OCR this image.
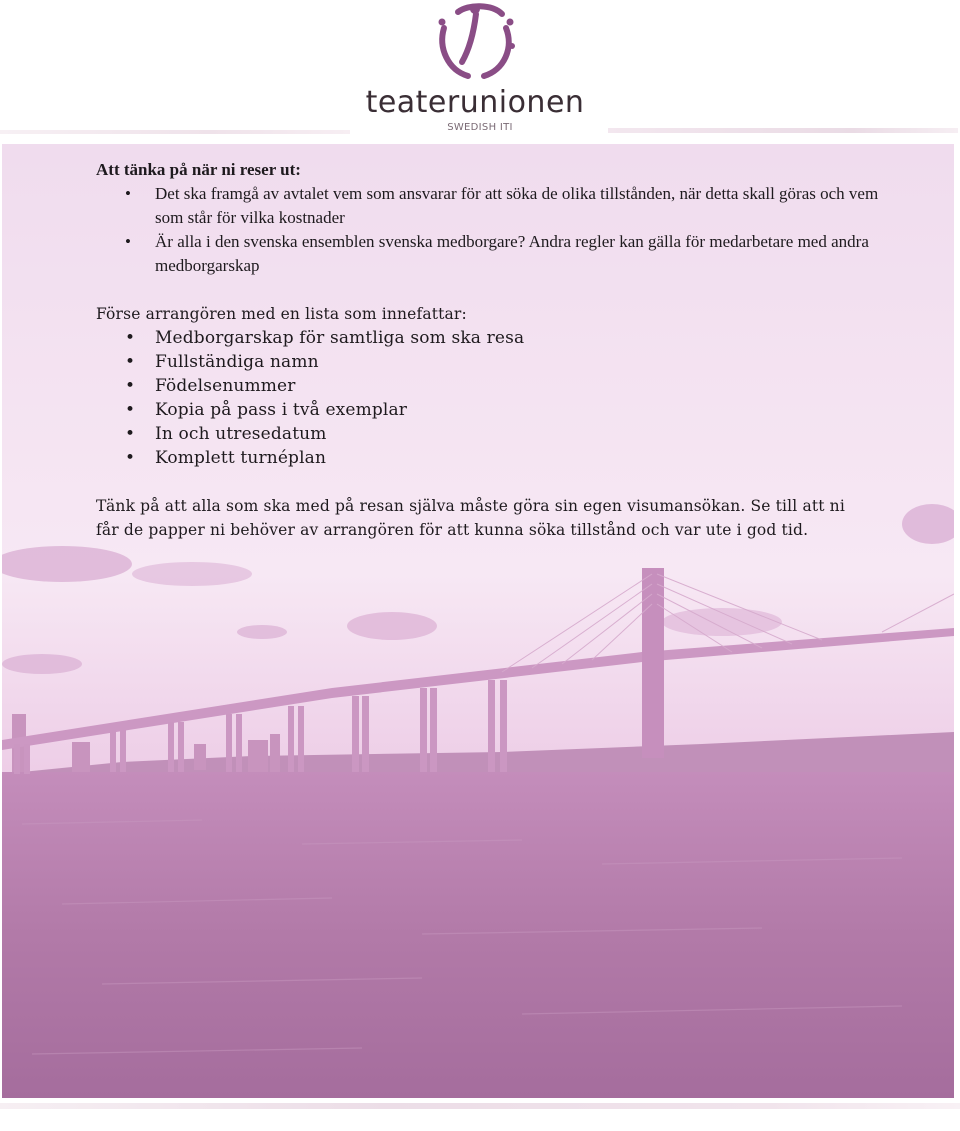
teaterunionen
SWEDISH ITI

Att tänka på när ni reser ut:

• Det ska framgå av avtalet vem som ansvarar för att söka de olika tillstånden, när detta skall göras och vem som står för vilka kostnader
• Är alla i den svenska ensemblen svenska medborgare? Andra regler kan gälla för medarbetare med andra medborgarskap

Förse arrangören med en lista som innefattar:

• Medborgarskap för samtliga som ska resa
• Fullständiga namn
• Födelsenummer
• Kopia på pass i två exemplar
• In och utresedatum
• Komplett turnéplan

Tänk på att alla som ska med på resan själva måste göra sin egen visumansökan. Se till att ni får de papper ni behöver av arrangören för att kunna söka tillstånd och var ute i god tid.
